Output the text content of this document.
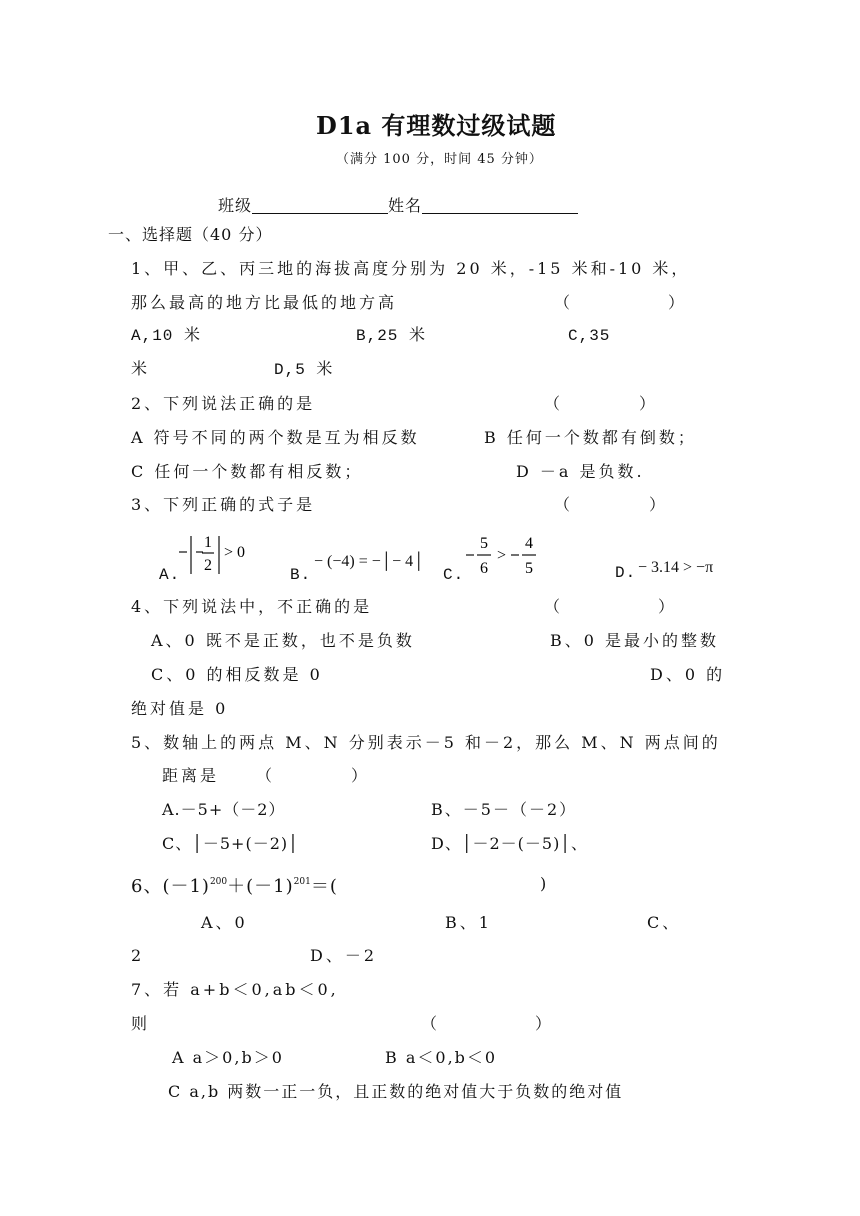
D1a 有理数过级试题
（满分 100 分，时间 45 分钟）
班级	姓名
一、选择题（40 分）
1、甲、乙、丙三地的海拔高度分别为 20 米，-15 米和-10 米，
那么最高的地方比最低的地方高	（　　　　　）
A,10 米	B,25 米	C,35
米	D,5 米
2、下列说法正确的是	（　　　　）
A 符号不同的两个数是互为相反数	B 任何一个数都有倒数；
C 任何一个数都有相反数；	D －a 是负数.
3、下列正确的式子是	（　　　　）
A.
1
2
> 0
B.
− (−4) = −│− 4│
C.
5
6
>
4
5	D. − 3.14 > −π
4、下列说法中，不正确的是	（　　　　　）
A、0 既不是正数，也不是负数	B、0 是最小的整数
C、0 的相反数是 0	D、0 的
绝对值是 0
5、数轴上的两点 M、N 分别表示－5 和－2，那么 M、N 两点间的
距离是 （　　　　）
A.－5+（－2）	B、－5－（－2）
C、│－5+(－2)│	D、│－2－(－5)│、
6、$(-1)^{200}+(-1)^{201}=$(	)
A、0	B、1	C、
2	D、－2
7、若 a+b＜0,ab＜0,
则	（　　　　　）
A a＞0,b＞0	B a＜0,b＜0
C a,b 两数一正一负，且正数的绝对值大于负数的绝对值
